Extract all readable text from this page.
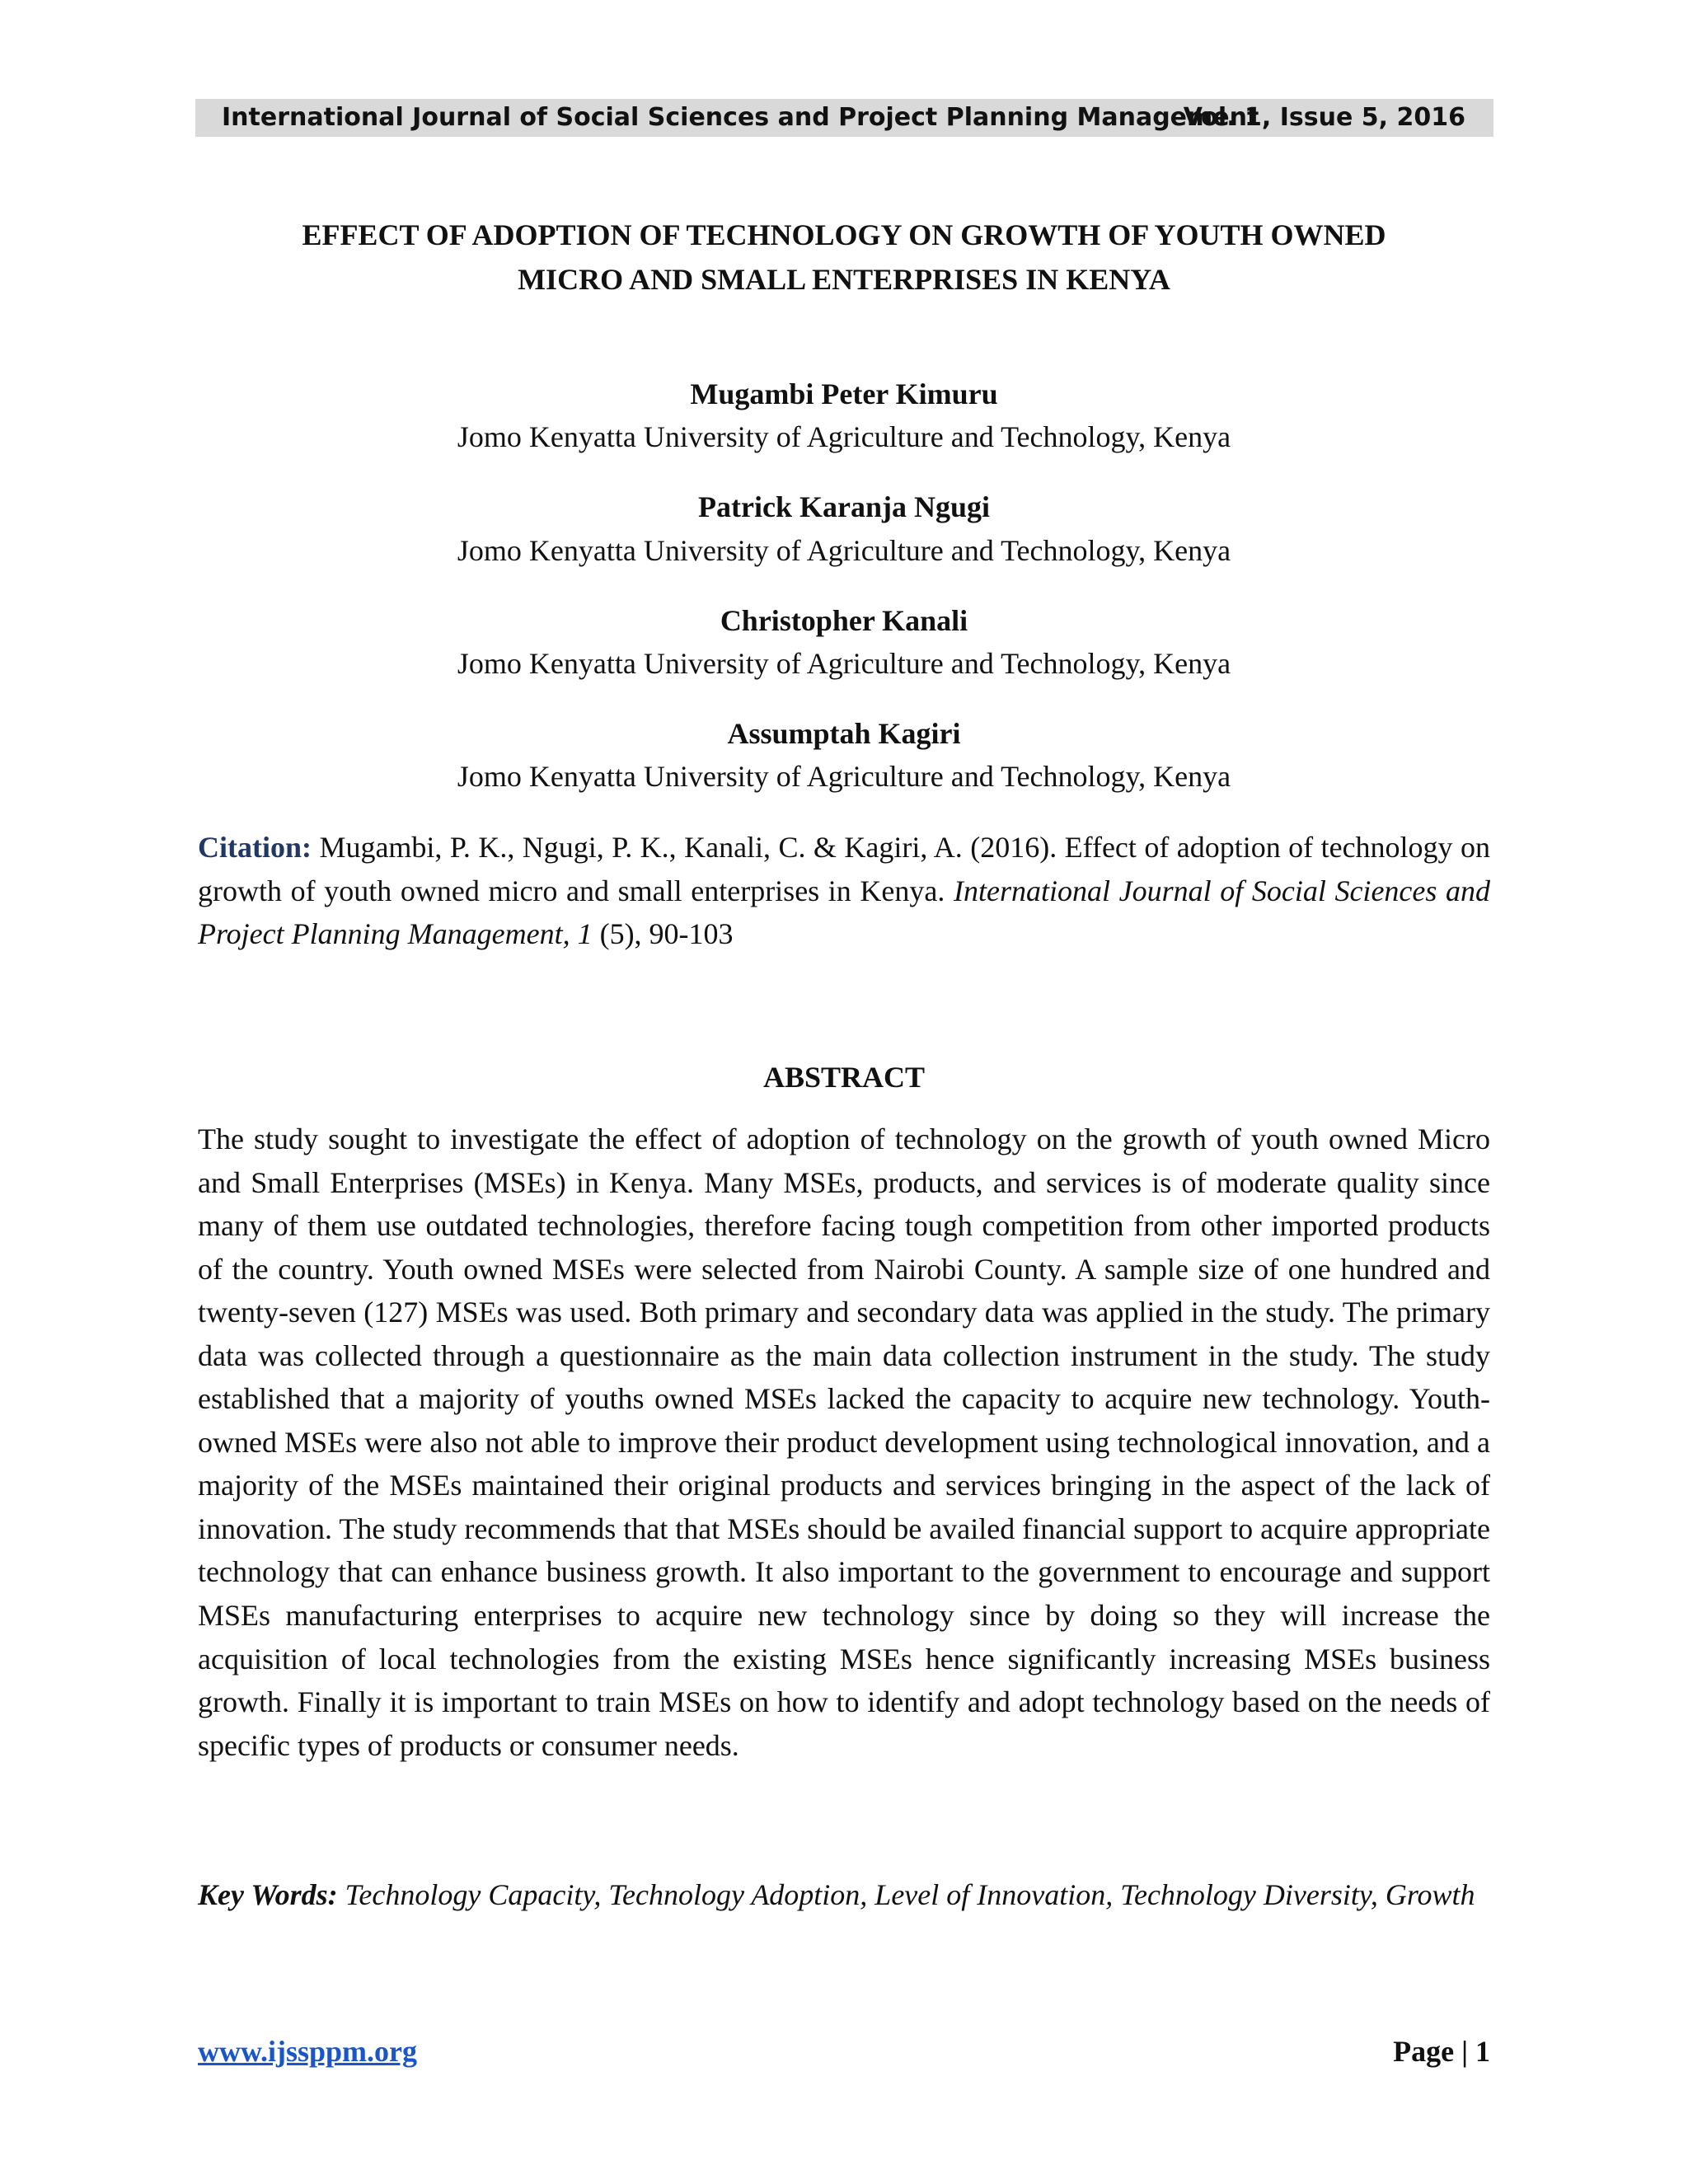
International Journal of Social Sciences and Project Planning Management
Vol. 1, Issue 5, 2016
EFFECT OF ADOPTION OF TECHNOLOGY ON GROWTH OF YOUTH OWNED
MICRO AND SMALL ENTERPRISES IN KENYA
Mugambi Peter Kimuru
Jomo Kenyatta University of Agriculture and Technology, Kenya
Patrick Karanja Ngugi
Jomo Kenyatta University of Agriculture and Technology, Kenya
Christopher Kanali
Jomo Kenyatta University of Agriculture and Technology, Kenya
Assumptah Kagiri
Jomo Kenyatta University of Agriculture and Technology, Kenya
Citation: Mugambi, P. K., Ngugi, P. K., Kanali, C. & Kagiri, A. (2016). Effect of adoption of technology on growth of youth owned micro and small enterprises in Kenya. International Journal of Social Sciences and Project Planning Management, 1 (5), 90-103
ABSTRACT
The study sought to investigate the effect of adoption of technology on the growth of youth owned Micro and Small Enterprises (MSEs) in Kenya. Many MSEs, products, and services is of moderate quality since many of them use outdated technologies, therefore facing tough competition from other imported products of the country. Youth owned MSEs were selected from Nairobi County. A sample size of one hundred and twenty-seven (127) MSEs was used. Both primary and secondary data was applied in the study. The primary data was collected through a questionnaire as the main data collection instrument in the study. The study established that a majority of youths owned MSEs lacked the capacity to acquire new technology. Youth-owned MSEs were also not able to improve their product development using technological innovation, and a majority of the MSEs maintained their original products and services bringing in the aspect of the lack of innovation. The study recommends that that MSEs should be availed financial support to acquire appropriate technology that can enhance business growth. It also important to the government to encourage and support MSEs manufacturing enterprises to acquire new technology since by doing so they will increase the acquisition of local technologies from the existing MSEs hence significantly increasing MSEs business growth. Finally it is important to train MSEs on how to identify and adopt technology based on the needs of specific types of products or consumer needs.
Key Words: Technology Capacity, Technology Adoption, Level of Innovation, Technology Diversity, Growth
www.ijssppm.org	Page | 1
